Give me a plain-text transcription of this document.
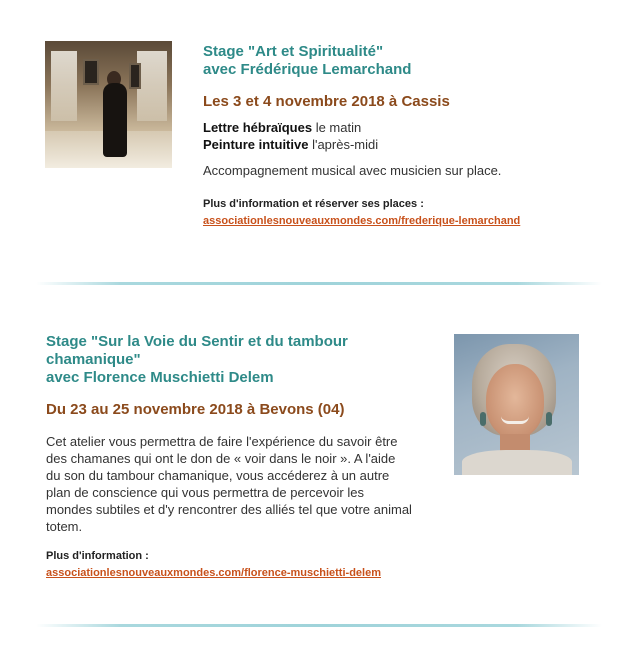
Stage "Art et Spiritualité"
avec Frédérique Lemarchand
Les 3 et 4 novembre 2018 à Cassis
Lettre hébraïques le matin
Peinture intuitive l'après-midi
Accompagnement musical avec musicien sur place.
Plus d'information et réserver ses places :
associationlesnouveauxmondes.com/frederique-lemarchand
Stage "Sur la Voie du Sentir et du tambour
chamanique"
avec Florence Muschietti Delem
Du 23 au 25 novembre 2018 à Bevons (04)
Cet atelier vous permettra de faire l'expérience du savoir être
des chamanes qui ont le don de « voir dans le noir ». A l'aide
du son du tambour chamanique, vous accéderez à un autre
plan de conscience qui vous permettra de percevoir les
mondes subtiles et d'y rencontrer des alliés tel que votre animal
totem.
Plus d'information :
associationlesnouveauxmondes.com/florence-muschietti-delem
